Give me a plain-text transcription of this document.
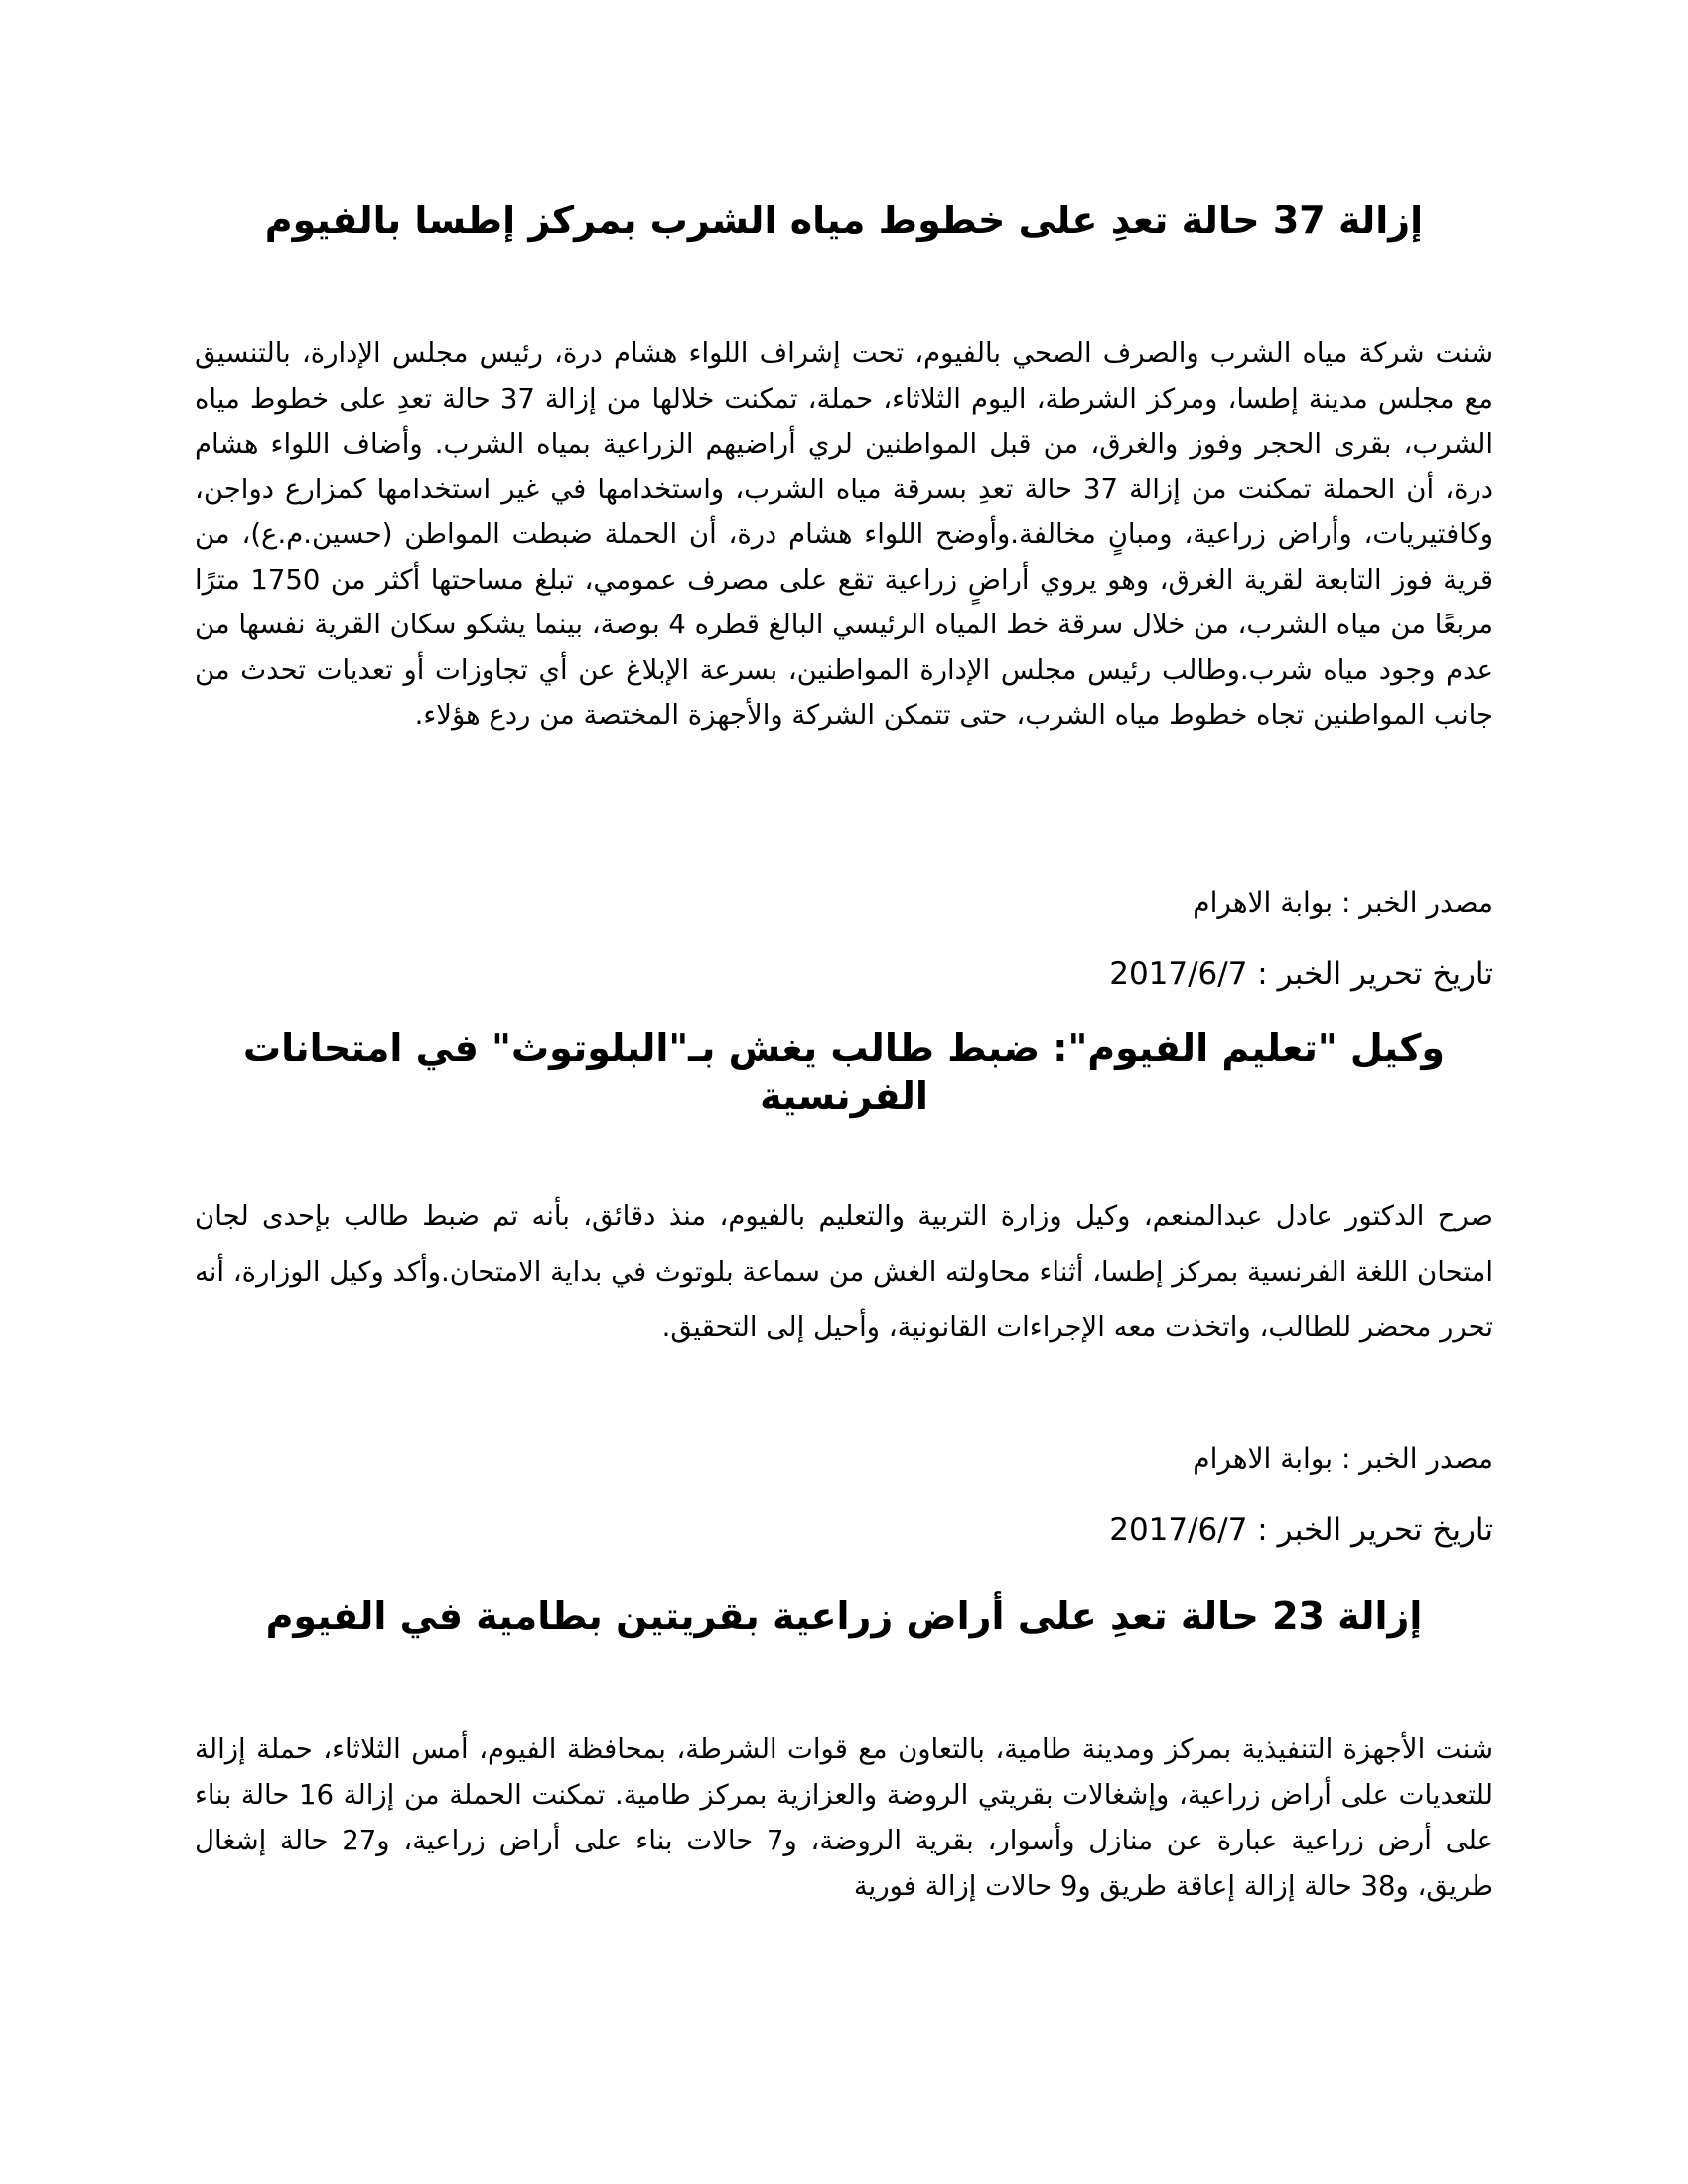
إزالة 37 حالة تعدِ على خطوط مياه الشرب بمركز إطسا بالفيوم

شنت شركة مياه الشرب والصرف الصحي بالفيوم، تحت إشراف اللواء هشام درة، رئيس مجلس الإدارة، بالتنسيق مع مجلس مدينة إطسا، ومركز الشرطة، اليوم الثلاثاء، حملة، تمكنت خلالها من إزالة 37 حالة تعدِ على خطوط مياه الشرب، بقرى الحجر وفوز والغرق، من قبل المواطنين لري أراضيهم الزراعية بمياه الشرب. وأضاف اللواء هشام درة، أن الحملة تمكنت من إزالة 37 حالة تعدِ بسرقة مياه الشرب، واستخدامها في غير استخدامها كمزارع دواجن، وكافتيريات، وأراض زراعية، ومبانٍ مخالفة.وأوضح اللواء هشام درة، أن الحملة ضبطت المواطن (حسين.م.ع)، من قرية فوز التابعة لقرية الغرق، وهو يروي أراضٍ زراعية تقع على مصرف عمومي، تبلغ مساحتها أكثر من 1750 مترًا مربعًا من مياه الشرب، من خلال سرقة خط المياه الرئيسي البالغ قطره 4 بوصة، بينما يشكو سكان القرية نفسها من عدم وجود مياه شرب.وطالب رئيس مجلس الإدارة المواطنين، بسرعة الإبلاغ عن أي تجاوزات أو تعديات تحدث من جانب المواطنين تجاه خطوط مياه الشرب، حتى تتمكن الشركة والأجهزة المختصة من ردع هؤلاء.

مصدر الخبر : بوابة الاهرام

تاريخ تحرير الخبر : 2017/6/7

وكيل "تعليم الفيوم": ضبط طالب يغش بـ"البلوتوث" في امتحانات الفرنسية

صرح الدكتور عادل عبدالمنعم، وكيل وزارة التربية والتعليم بالفيوم، منذ دقائق، بأنه تم ضبط طالب بإحدى لجان امتحان اللغة الفرنسية بمركز إطسا، أثناء محاولته الغش من سماعة بلوتوث في بداية الامتحان.وأكد وكيل الوزارة، أنه تحرر محضر للطالب، واتخذت معه الإجراءات القانونية، وأحيل إلى التحقيق.

مصدر الخبر : بوابة الاهرام

تاريخ تحرير الخبر : 2017/6/7

إزالة 23 حالة تعدِ على أراض زراعية بقريتين بطامية في الفيوم

شنت الأجهزة التنفيذية بمركز ومدينة طامية، بالتعاون مع قوات الشرطة، بمحافظة الفيوم، أمس الثلاثاء، حملة إزالة للتعديات على أراض زراعية، وإشغالات بقريتي الروضة والعزازية بمركز طامية. تمكنت الحملة من إزالة 16 حالة بناء على أرض زراعية عبارة عن منازل وأسوار، بقرية الروضة، و7 حالات بناء على أراض زراعية، و27 حالة إشغال طريق، و38 حالة إزالة إعاقة طريق و9 حالات إزالة فورية
